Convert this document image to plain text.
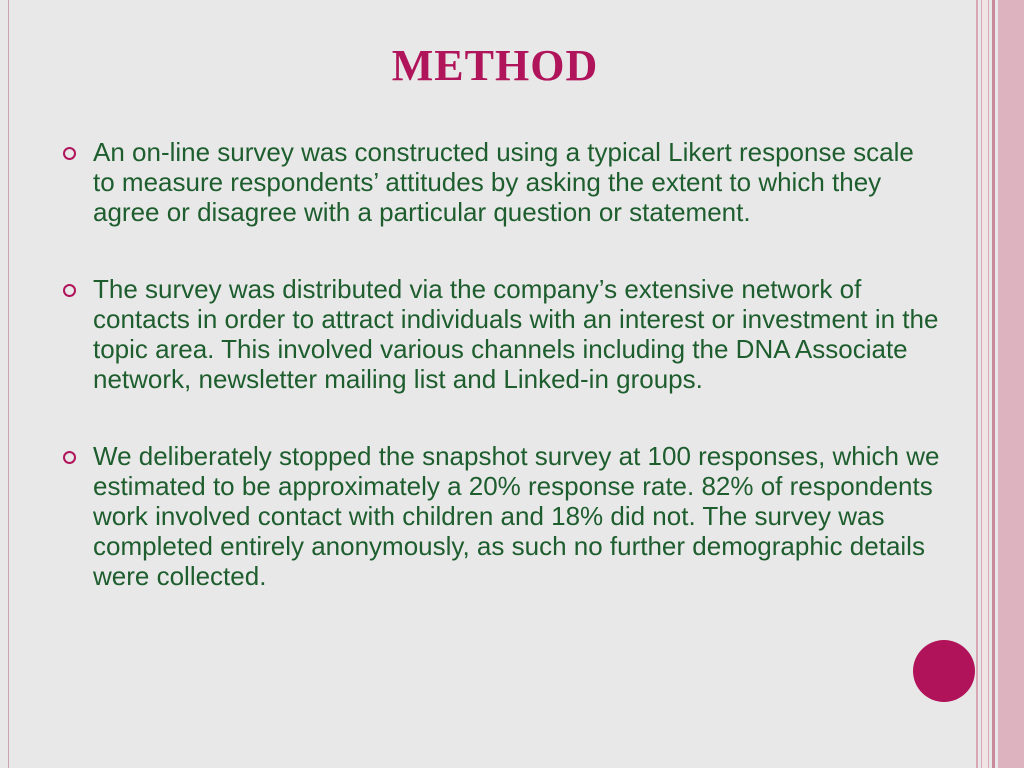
METHOD
An on-line survey was constructed using a typical Likert response scale to measure respondents’ attitudes by asking the extent to which they agree or disagree with a particular question or statement.
The survey was distributed via the company’s extensive network of contacts in order to attract individuals with an interest or investment in the topic area. This involved various channels including the DNA Associate network, newsletter mailing list and Linked-in groups.
We deliberately stopped the snapshot survey at 100 responses, which we estimated to be approximately a 20% response rate. 82% of respondents work involved contact with children and 18% did not. The survey was completed entirely anonymously, as such no further demographic details were collected.
